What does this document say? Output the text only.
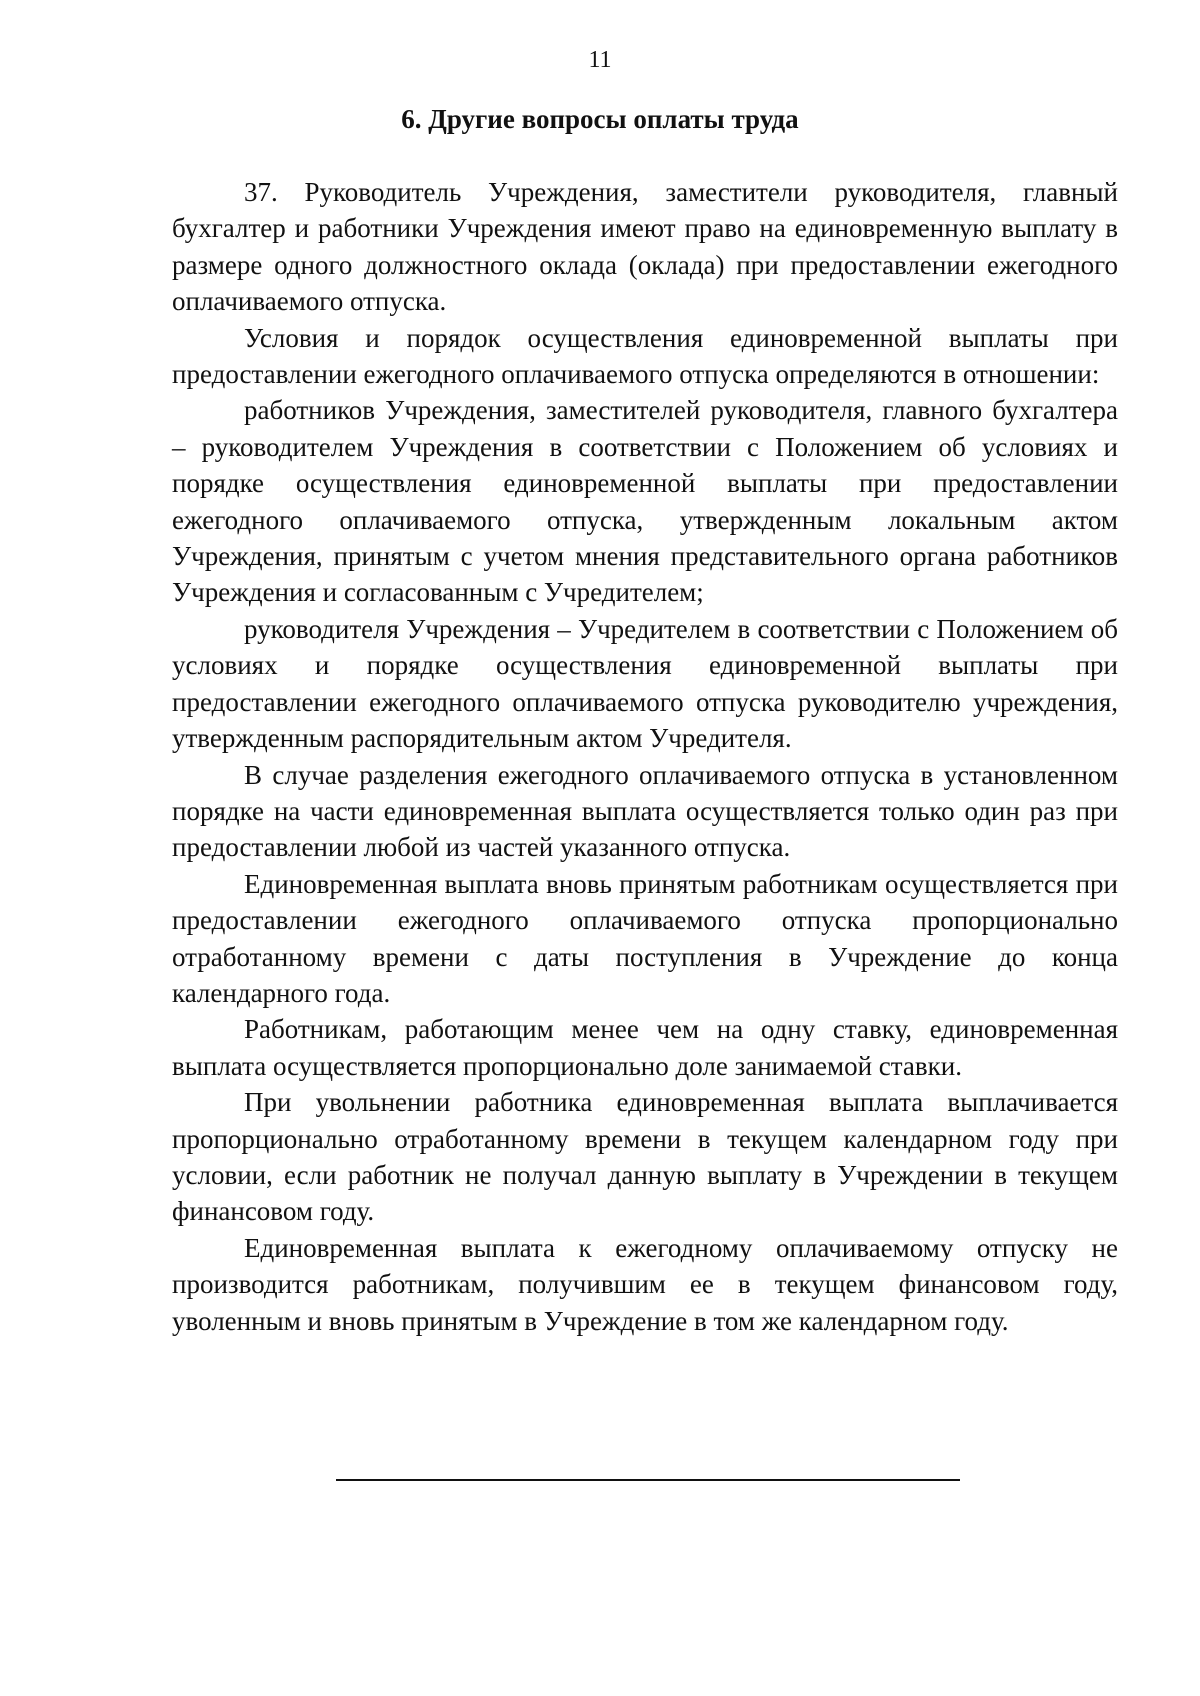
11
6. Другие вопросы оплаты труда

37. Руководитель Учреждения, заместители руководителя, главный бухгалтер и работники Учреждения имеют право на единовременную выплату в размере одного должностного оклада (оклада) при предоставлении ежегодного оплачиваемого отпуска.

Условия и порядок осуществления единовременной выплаты при предоставлении ежегодного оплачиваемого отпуска определяются в отношении:

работников Учреждения, заместителей руководителя, главного бухгалтера – руководителем Учреждения в соответствии с Положением об условиях и порядке осуществления единовременной выплаты при предоставлении ежегодного оплачиваемого отпуска, утвержденным локальным актом Учреждения, принятым с учетом мнения представительного органа работников Учреждения и согласованным с Учредителем;

руководителя Учреждения – Учредителем в соответствии с Положением об условиях и порядке осуществления единовременной выплаты при предоставлении ежегодного оплачиваемого отпуска руководителю учреждения, утвержденным распорядительным актом Учредителя.

В случае разделения ежегодного оплачиваемого отпуска в установленном порядке на части единовременная выплата осуществляется только один раз при предоставлении любой из частей указанного отпуска.

Единовременная выплата вновь принятым работникам осуществляется при предоставлении ежегодного оплачиваемого отпуска пропорционально отработанному времени с даты поступления в Учреждение до конца календарного года.

Работникам, работающим менее чем на одну ставку, единовременная выплата осуществляется пропорционально доле занимаемой ставки.

При увольнении работника единовременная выплата выплачивается пропорционально отработанному времени в текущем календарном году при условии, если работник не получал данную выплату в Учреждении в текущем финансовом году.

Единовременная выплата к ежегодному оплачиваемому отпуску не производится работникам, получившим ее в текущем финансовом году, уволенным и вновь принятым в Учреждение в том же календарном году.
